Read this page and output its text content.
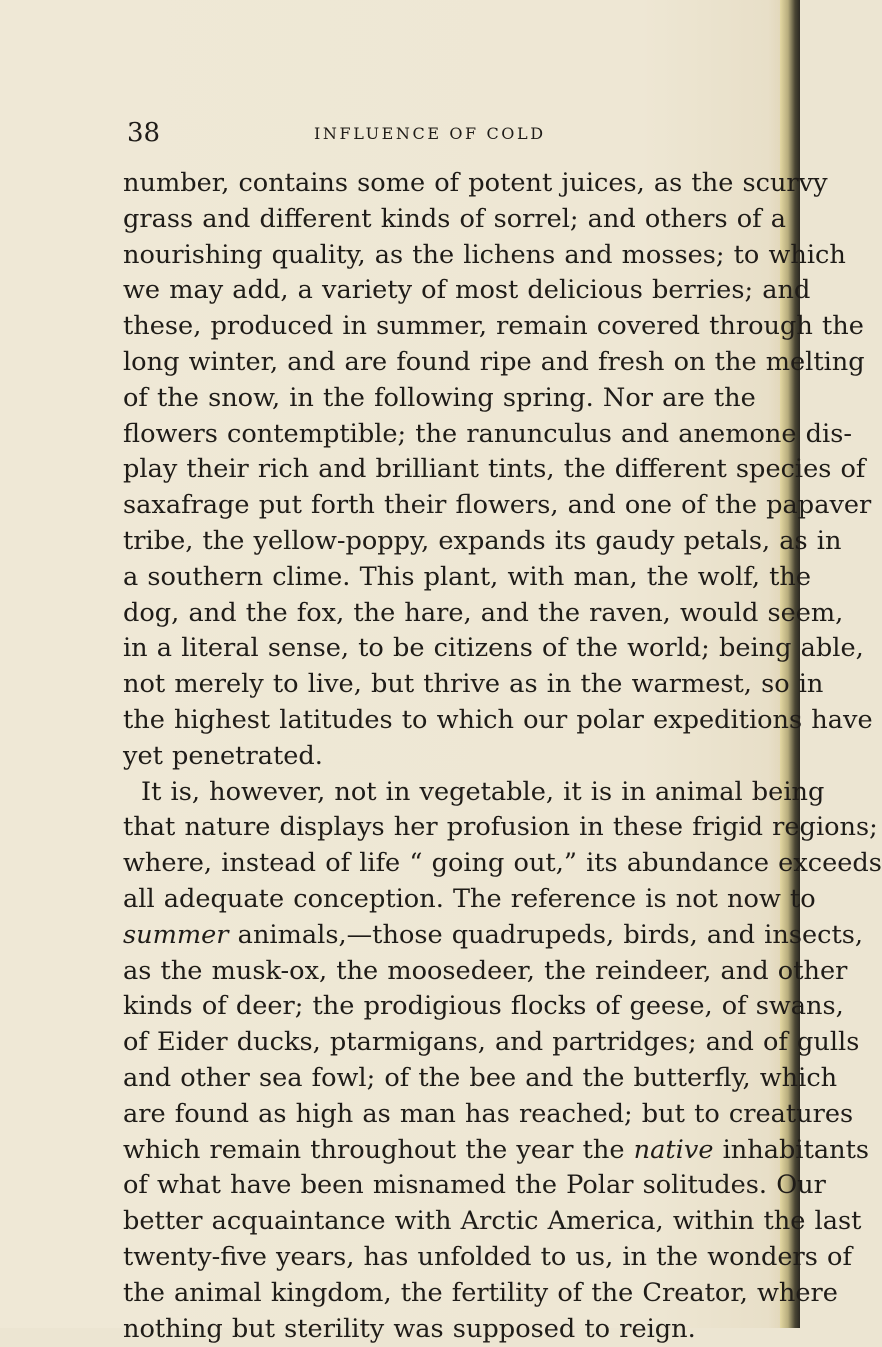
38	INFLUENCE OF COLD
number, contains some of potent juices, as the scurvy
grass and different kinds of sorrel; and others of a
nourishing quality, as the lichens and mosses; to which
we may add, a variety of most delicious berries; and
these, produced in summer, remain covered through the
long winter, and are found ripe and fresh on the melting
of the snow, in the following spring. Nor are the
flowers contemptible; the ranunculus and anemone dis-
play their rich and brilliant tints, the different species of
saxafrage put forth their flowers, and one of the papaver
tribe, the yellow-poppy, expands its gaudy petals, as in
a southern clime. This plant, with man, the wolf, the
dog, and the fox, the hare, and the raven, would seem,
in a literal sense, to be citizens of the world; being able,
not merely to live, but thrive as in the warmest, so in
the highest latitudes to which our polar expeditions have
yet penetrated.
It is, however, not in vegetable, it is in animal being
that nature displays her profusion in these frigid regions;
where, instead of life “ going out,” its abundance exceeds
all adequate conception. The reference is not now to
summer animals,—those quadrupeds, birds, and insects,
as the musk-ox, the moosedeer, the reindeer, and other
kinds of deer; the prodigious flocks of geese, of swans,
of Eider ducks, ptarmigans, and partridges; and of gulls
and other sea fowl; of the bee and the butterfly, which
are found as high as man has reached; but to creatures
which remain throughout the year the native inhabitants
of what have been misnamed the Polar solitudes. Our
better acquaintance with Arctic America, within the last
twenty-five years, has unfolded to us, in the wonders of
the animal kingdom, the fertility of the Creator, where
nothing but sterility was supposed to reign.
